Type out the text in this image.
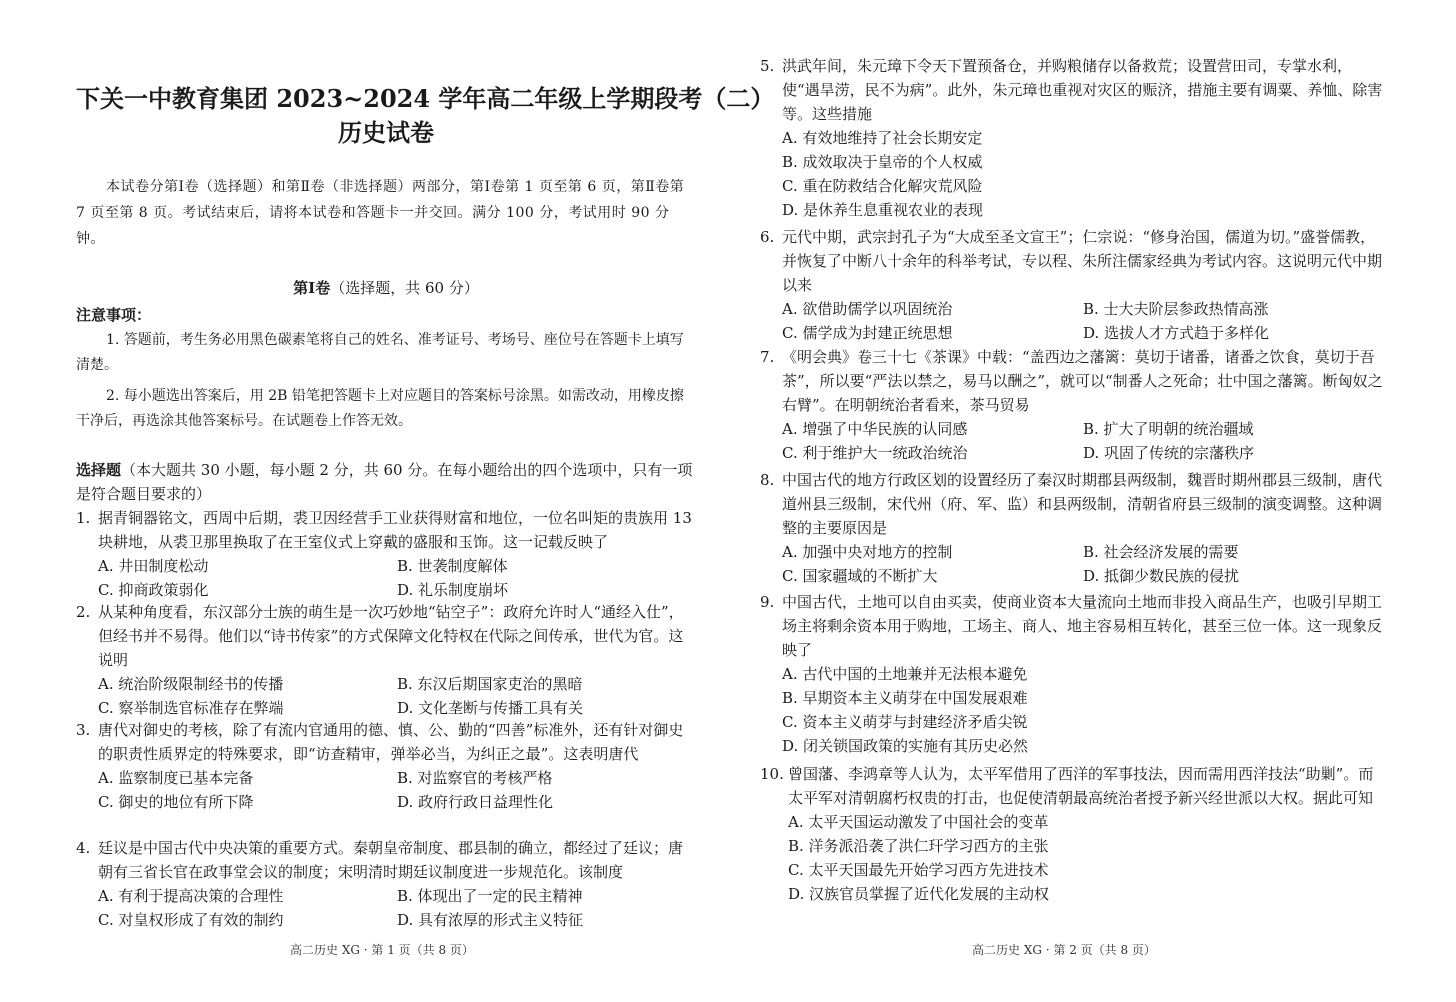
下关一中教育集团 2023~2024 学年高二年级上学期段考（二）
历史试卷
本试卷分第Ⅰ卷（选择题）和第Ⅱ卷（非选择题）两部分，第Ⅰ卷第 1 页至第 6 页，第Ⅱ卷第 7 页至第 8 页。考试结束后，请将本试卷和答题卡一并交回。满分 100 分，考试用时 90 分钟。
第Ⅰ卷（选择题，共 60 分）
注意事项：

1. 答题前，考生务必用黑色碳素笔将自己的姓名、准考证号、考场号、座位号在答题卡上填写清楚。

2. 每小题选出答案后，用 2B 铅笔把答题卡上对应题目的答案标号涂黑。如需改动，用橡皮擦干净后，再选涂其他答案标号。在试题卷上作答无效。

选择题（本大题共 30 小题，每小题 2 分，共 60 分。在每小题给出的四个选项中，只有一项是符合题目要求的）
1. 据青铜器铭文，西周中后期，裘卫因经营手工业获得财富和地位，一位名叫矩的贵族用 13 块耕地，从裘卫那里换取了在王室仪式上穿戴的盛服和玉饰。这一记载反映了

A. 井田制度松动	B. 世袭制度解体
C. 抑商政策弱化	D. 礼乐制度崩坏
2. 从某种角度看，东汉部分士族的萌生是一次巧妙地“钻空子”：政府允许时人“通经入仕”，但经书并不易得。他们以“诗书传家”的方式保障文化特权在代际之间传承，世代为官。这说明

A. 统治阶级限制经书的传播	B. 东汉后期国家吏治的黑暗
C. 察举制选官标准存在弊端	D. 文化垄断与传播工具有关
3. 唐代对御史的考核，除了有流内官通用的德、慎、公、勤的“四善”标准外，还有针对御史的职责性质界定的特殊要求，即“访查精审，弹举必当，为纠正之最”。这表明唐代

A. 监察制度已基本完备	B. 对监察官的考核严格
C. 御史的地位有所下降	D. 政府行政日益理性化
4. 廷议是中国古代中央决策的重要方式。秦朝皇帝制度、郡县制的确立，都经过了廷议；唐朝有三省长官在政事堂会议的制度；宋明清时期廷议制度进一步规范化。该制度

A. 有利于提高决策的合理性	B. 体现出了一定的民主精神
C. 对皇权形成了有效的制约	D. 具有浓厚的形式主义特征
5. 洪武年间，朱元璋下令天下置预备仓，并购粮储存以备救荒；设置营田司，专掌水利，使“遇旱涝，民不为病”。此外，朱元璋也重视对灾区的赈济，措施主要有调粟、养恤、除害等。这些措施

A. 有效地维持了社会长期安定
B. 成效取决于皇帝的个人权威
C. 重在防救结合化解灾荒风险
D. 是休养生息重视农业的表现
6. 元代中期，武宗封孔子为“大成至圣文宣王”；仁宗说：“修身治国，儒道为切。”盛誉儒教，并恢复了中断八十余年的科举考试，专以程、朱所注儒家经典为考试内容。这说明元代中期以来

A. 欲借助儒学以巩固统治	B. 士大夫阶层参政热情高涨
C. 儒学成为封建正统思想	D. 选拔人才方式趋于多样化
7. 《明会典》卷三十七《茶课》中载：“盖西边之藩篱：莫切于诸番，诸番之饮食，莫切于吾茶”，所以要“严法以禁之，易马以酬之”，就可以“制番人之死命；壮中国之藩篱。断匈奴之右臂”。在明朝统治者看来，茶马贸易

A. 增强了中华民族的认同感	B. 扩大了明朝的统治疆域
C. 利于维护大一统政治统治	D. 巩固了传统的宗藩秩序
8. 中国古代的地方行政区划的设置经历了秦汉时期郡县两级制，魏晋时期州郡县三级制，唐代道州县三级制，宋代州（府、军、监）和县两级制，清朝省府县三级制的演变调整。这种调整的主要原因是

A. 加强中央对地方的控制	B. 社会经济发展的需要
C. 国家疆域的不断扩大	D. 抵御少数民族的侵扰
9. 中国古代，土地可以自由买卖，使商业资本大量流向土地而非投入商品生产，也吸引早期工场主将剩余资本用于购地，工场主、商人、地主容易相互转化，甚至三位一体。这一现象反映了

A. 古代中国的土地兼并无法根本避免
B. 早期资本主义萌芽在中国发展艰难
C. 资本主义萌芽与封建经济矛盾尖锐
D. 闭关锁国政策的实施有其历史必然
10. 曾国藩、李鸿章等人认为，太平军借用了西洋的军事技法，因而需用西洋技法“助剿”。而太平军对清朝腐朽权贵的打击，也促使清朝最高统治者授予新兴经世派以大权。据此可知

A. 太平天国运动激发了中国社会的变革
B. 洋务派沿袭了洪仁玕学习西方的主张
C. 太平天国最先开始学习西方先进技术
D. 汉族官员掌握了近代化发展的主动权
高二历史 XG · 第 1 页（共 8 页）	高二历史 XG · 第 2 页（共 8 页）
